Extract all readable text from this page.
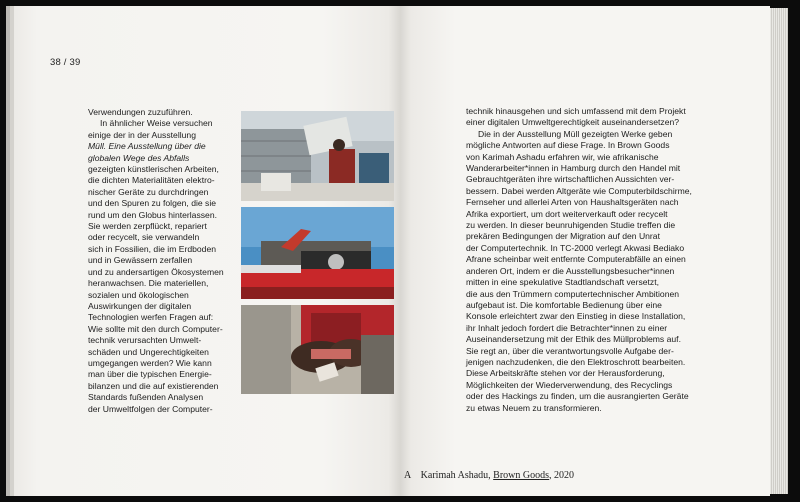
38 / 39
Verwendungen zuzuführen.
In ähnlicher Weise versuchen
einige der in der Ausstellung
Müll. Eine Ausstellung über die
globalen Wege des Abfalls
gezeigten künstlerischen Arbeiten,
die dichten Materialitäten elektro-
nischer Geräte zu durchdringen
und den Spuren zu folgen, die sie
rund um den Globus hinterlassen.
Sie werden zerpflückt, repariert
oder recycelt, sie verwandeln
sich in Fossilien, die im Erdboden
und in Gewässern zerfallen
und zu andersartigen Ökosystemen
heranwachsen. Die materiellen,
sozialen und ökologischen
Auswirkungen der digitalen
Technologien werfen Fragen auf:
Wie sollte mit den durch Computer-
technik verursachten Umwelt-
schäden und Ungerechtigkeiten
umgegangen werden? Wie kann
man über die typischen Energie-
bilanzen und die auf existierenden
Standards fußenden Analysen
der Umweltfolgen der Computer-
technik hinausgehen und sich umfassend mit dem Projekt
einer digitalen Umweltgerechtigkeit auseinandersetzen?
Die in der Ausstellung Müll gezeigten Werke geben
mögliche Antworten auf diese Frage. In Brown Goods
von Karimah Ashadu erfahren wir, wie afrikanische
Wanderarbeiter*innen in Hamburg durch den Handel mit
Gebrauchtgeräten ihre wirtschaftlichen Aussichten ver-
bessern. Dabei werden Altgeräte wie Computerbildschirme,
Fernseher und allerlei Arten von Haushaltsgeräten nach
Afrika exportiert, um dort weiterverkauft oder recycelt
zu werden. In dieser beunruhigenden Studie treffen die
prekären Bedingungen der Migration auf den Unrat
der Computertechnik. In TC-2000 verlegt Akwasi Bediako
Afrane scheinbar weit entfernte Computerabfälle an einen
anderen Ort, indem er die Ausstellungsbesucher*innen
mitten in eine spekulative Stadtlandschaft versetzt,
die aus den Trümmern computertechnischer Ambitionen
aufgebaut ist. Die komfortable Bedienung über eine
Konsole erleichtert zwar den Einstieg in diese Installation,
ihr Inhalt jedoch fordert die Betrachter*innen zu einer
Auseinandersetzung mit der Ethik des Müllproblems auf.
Sie regt an, über die verantwortungsvolle Aufgabe der-
jenigen nachzudenken, die den Elektroschrott bearbeiten.
Diese Arbeitskräfte stehen vor der Herausforderung,
Möglichkeiten der Wiederverwendung, des Recyclings
oder des Hackings zu finden, um die ausrangierten Geräte
zu etwas Neuem zu transformieren.
A Karimah Ashadu, Brown Goods, 2020
